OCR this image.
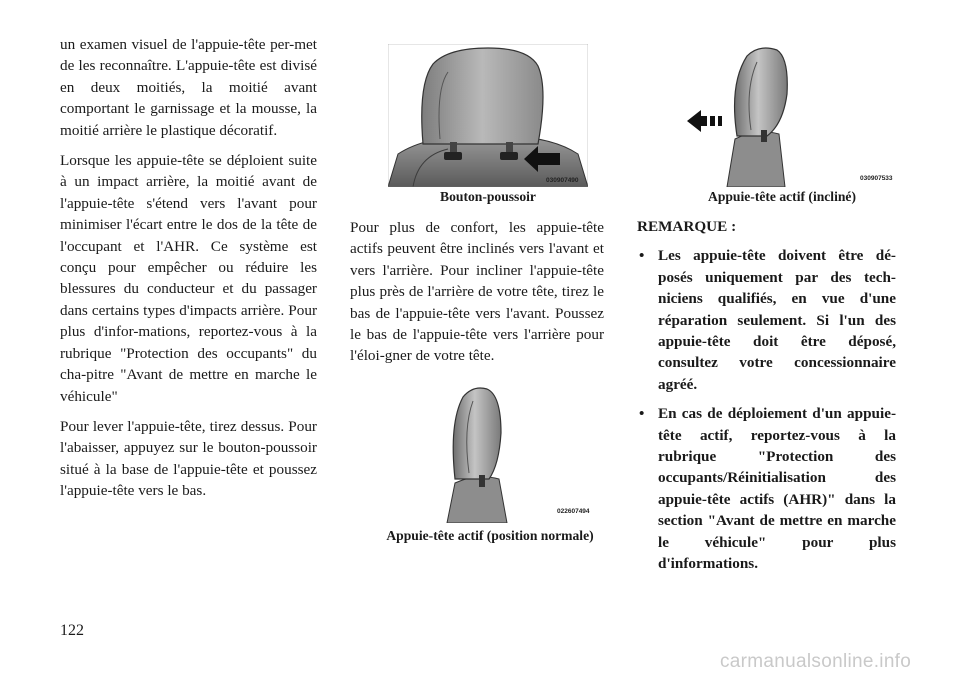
un examen visuel de l'appuie-tête per-met de les reconnaître. L'appuie-tête est divisé en deux moitiés, la moitié avant comportant le garnissage et la mousse, la moitié arrière le plastique décoratif.

Lorsque les appuie-tête se déploient suite à un impact arrière, la moitié avant de l'appuie-tête s'étend vers l'avant pour minimiser l'écart entre le dos de la tête de l'occupant et l'AHR. Ce système est conçu pour empêcher ou réduire les blessures du conducteur et du passager dans certains types d'impacts arrière. Pour plus d'infor-mations, reportez-vous à la rubrique "Protection des occupants" du cha-pitre "Avant de mettre en marche le véhicule"

Pour lever l'appuie-tête, tirez dessus. Pour l'abaisser, appuyez sur le bouton-poussoir situé à la base de l'appuie-tête et poussez l'appuie-tête vers le bas.

030907490
Bouton-poussoir
030907533
Appuie-tête actif (incliné)

Pour plus de confort, les appuie-tête actifs peuvent être inclinés vers l'avant et vers l'arrière. Pour incliner l'appuie-tête plus près de l'arrière de votre tête, tirez le bas de l'appuie-tête vers l'avant. Poussez le bas de l'appuie-tête vers l'arrière pour l'éloi-gner de votre tête.

022607494
Appuie-tête actif (position normale)
REMARQUE :
• Les appuie-tête doivent être dé-posés uniquement par des tech-niciens qualifiés, en vue d'une réparation seulement. Si l'un des appuie-tête doit être déposé, consultez votre concessionnaire agréé.
• En cas de déploiement d'un appuie-tête actif, reportez-vous à la rubrique "Protection des occupants/Réinitialisation des appuie-tête actifs (AHR)" dans la section "Avant de mettre en marche le véhicule" pour plus d'informations.
122
carmanualsonline.info
